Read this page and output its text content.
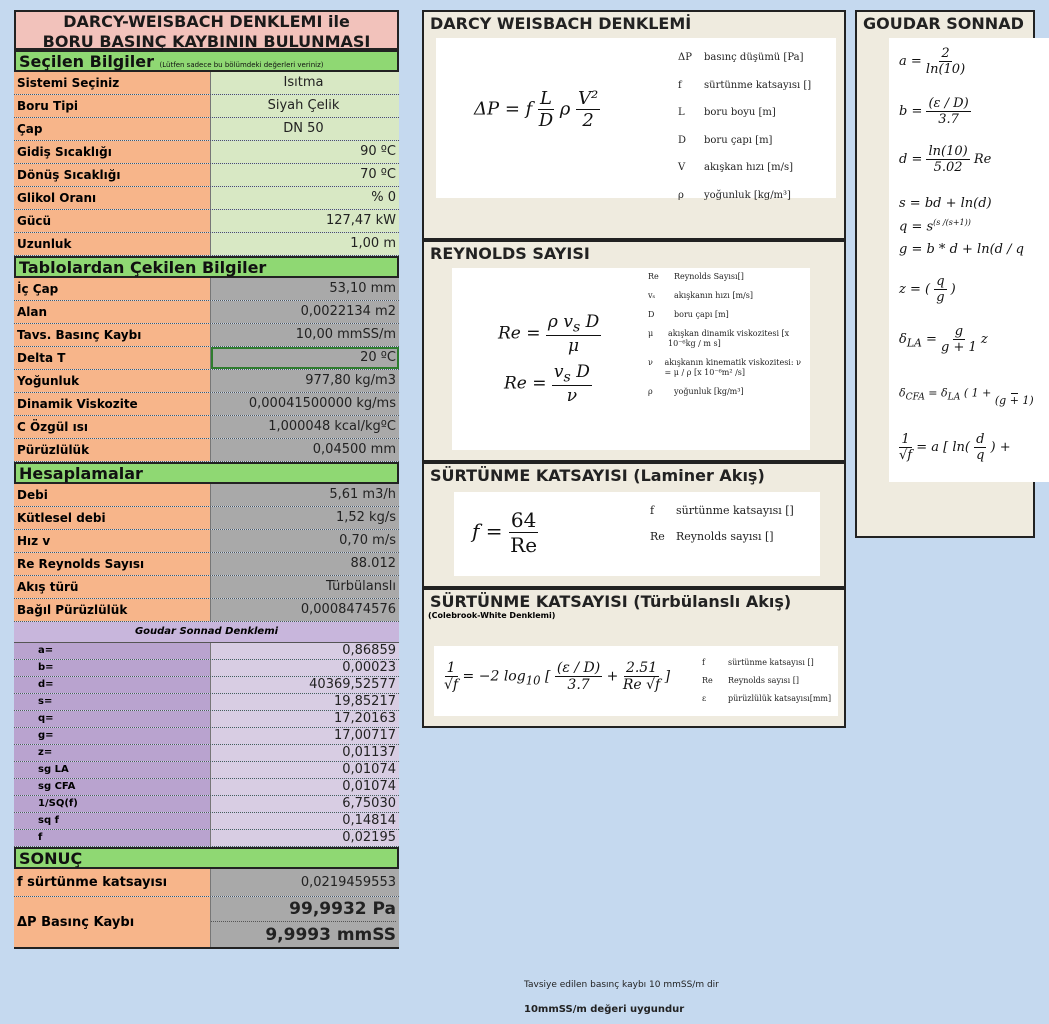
DARCY-WEISBACH DENKLEMI ile
BORU BASINÇ KAYBININ BULUNMASI
Seçilen Bilgiler (Lütfen sadece bu bölümdeki değerleri veriniz)
Sistemi Seçiniz	Isıtma
Boru Tipi	Siyah Çelik
Çap	DN 50
Gidiş Sıcaklığı	90 ºC
Dönüş Sıcaklığı	70 ºC
Glikol Oranı	% 0
Gücü	127,47 kW
Uzunluk	1,00 m
Tablolardan Çekilen Bilgiler
İç Çap	53,10 mm
Alan	0,0022134 m2
Tavs. Basınç Kaybı	10,00 mmSS/m
Delta T	20 ºC
Yoğunluk	977,80 kg/m3
Dinamik Viskozite	0,00041500000 kg/ms
C Özgül ısı	1,000048 kcal/kgºC
Pürüzlülük	0,04500 mm
Hesaplamalar
Debi	5,61 m3/h
Kütlesel debi	1,52 kg/s
Hız v	0,70 m/s
Re Reynolds Sayısı	88.012
Akış türü	Türbülanslı
Bağıl Pürüzlülük	0,0008474576
Goudar Sonnad Denklemi
a=	0,86859
b=	0,00023
d=	40369,52577
s=	19,85217
q=	17,20163
g=	17,00717
z=	0,01137
sg LA	0,01074
sg CFA	0,01074
1/SQ(f)	6,75030
sq f	0,14814
f	0,02195
SONUÇ
f sürtünme katsayısı	0,0219459553
ΔP Basınç Kaybı
99,9932 Pa
9,9993 mmSS
DARCY WEISBACH DENKLEMİ
ΔP = f $\frac{L}{D}$ ρ $\frac{\text{V²}}{2}$
ΔP basınç düşümü [Pa]
f sürtünme katsayısı []
L boru boyu [m]
D boru çapı [m]
V akışkan hızı [m/s]
ρ yoğunluk [kg/m³]
REYNOLDS SAYISI
$Re = \frac{\rho v_s D}{\mu}$
$Re = \frac{v_s D}{\nu}$
Re	Reynolds Sayısı[]
vₛ	akışkanın hızı [m/s]
D	boru çapı [m]
μ	akışkan dinamik viskozitesi [x 10⁻⁶kg / m s]
ν	akışkanın kinematik viskozitesi: ν = μ / ρ [x 10⁻⁶m² /s]
ρ	yoğunluk [kg/m³]
SÜRTÜNME KATSAYISI (Laminer Akış)
$f = \frac{64}{Re}$	f sürtünme katsayısı []
Re Reynolds sayısı []
SÜRTÜNME KATSAYISI (Türbülanslı Akış)
(Colebrook-White Denklemi)
$\frac{1}{√f} = -2$ $\log_{10}$ [ $\frac{(\varepsilon / D)}{3.7} + \frac{2.51}{Re √f}$ ]
f	sürtünme katsayısı []
Re Reynolds sayısı []
ε	pürüzlülük katsayısı[mm]
GOUDAR SONNAD
$a = \frac{2}{\ln(10)}$
$b = \frac{(\varepsilon / D)}{3.7}$
$d = \frac{\ln(10)}{5.02}$ Re
s = bd + ln(d)
$q = s^{(s /(s+1))}$
g = b * d + ln(d / q
z = ( $\frac{q}{g}$ )
$\delta_{LA} = \frac{g}{g + 1}$ z
$\delta_{CFA} = \delta_{LA}$ ( 1 +

(g + 1)
$\frac{1}{√f} = a$ [ $\ln( \frac{d}{q}$ ) +
Tavsiye edilen basınç kaybı 10 mmSS/m dir
10mmSS/m değeri uygundur
